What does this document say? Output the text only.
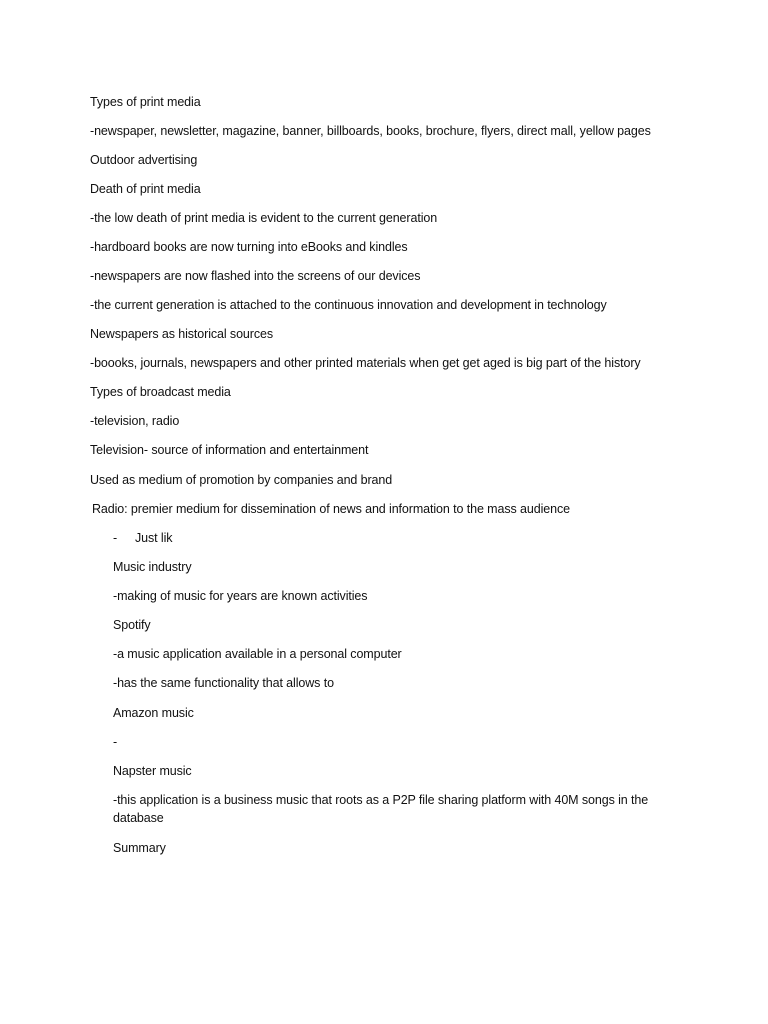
Types of print media
-newspaper, newsletter, magazine, banner, billboards, books, brochure, flyers, direct mall, yellow pages
Outdoor advertising
Death of print media
-the low death of print media is evident to the current generation
-hardboard books are now turning into eBooks and kindles
-newspapers are now flashed into the screens of our devices
-the current generation is attached to the continuous innovation and development in technology
Newspapers as historical sources
-boooks, journals, newspapers and other printed materials when get get aged is big part of the history
Types of broadcast media
-television, radio
Television- source of information and entertainment
Used as medium of promotion by companies and brand
Radio: premier medium for dissemination of news and information to the mass audience
- Just lik
Music industry
-making of music for years are known activities
Spotify
-a music application available in a personal computer
-has the same functionality that allows to
Amazon music
-
Napster music
-this application is a business music that roots as a P2P file sharing platform with 40M songs in the database
Summary
